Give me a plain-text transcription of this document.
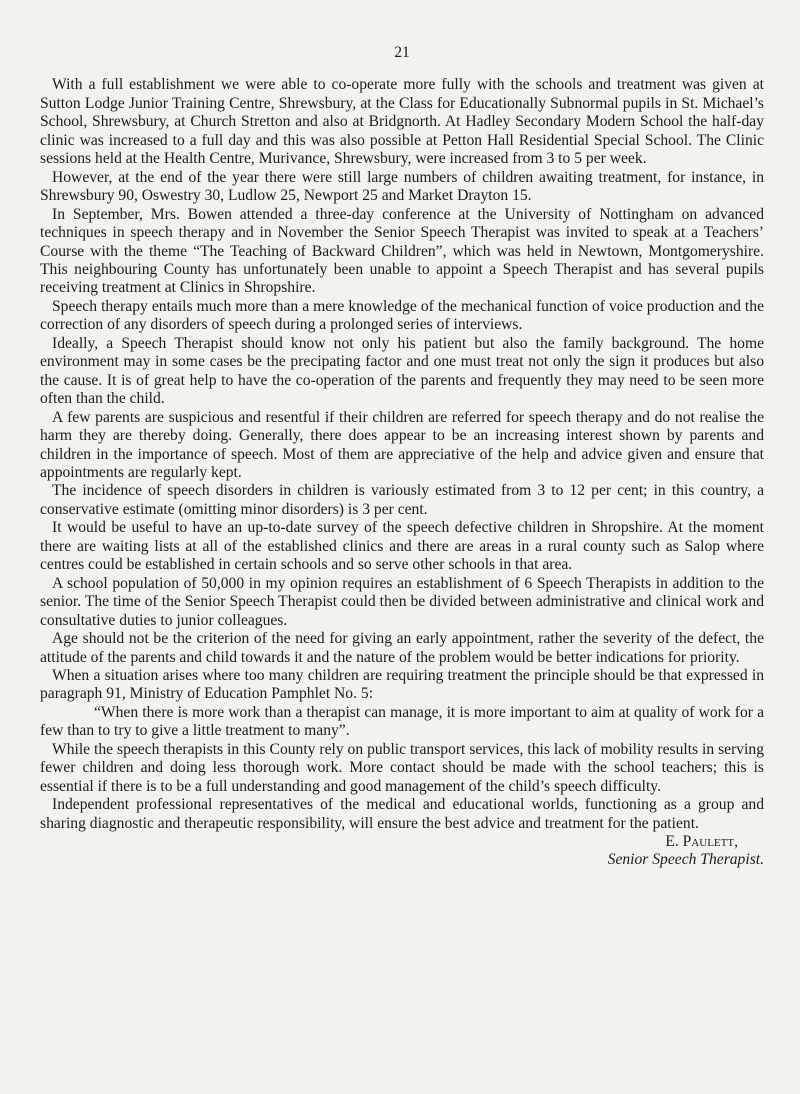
21

With a full establishment we were able to co-operate more fully with the schools and treatment was given at Sutton Lodge Junior Training Centre, Shrewsbury, at the Class for Educationally Subnormal pupils in St. Michael’s School, Shrewsbury, at Church Stretton and also at Bridgnorth. At Hadley Secondary Modern School the half-day clinic was increased to a full day and this was also possible at Petton Hall Residential Special School. The Clinic sessions held at the Health Centre, Murivance, Shrewsbury, were increased from 3 to 5 per week.

However, at the end of the year there were still large numbers of children awaiting treatment, for instance, in Shrewsbury 90, Oswestry 30, Ludlow 25, Newport 25 and Market Drayton 15.

In September, Mrs. Bowen attended a three-day conference at the University of Nottingham on advanced techniques in speech therapy and in November the Senior Speech Therapist was invited to speak at a Teachers’ Course with the theme “The Teaching of Backward Children”, which was held in Newtown, Montgomeryshire. This neighbouring County has unfortunately been unable to appoint a Speech Therapist and has several pupils receiving treatment at Clinics in Shropshire.

Speech therapy entails much more than a mere knowledge of the mechanical function of voice production and the correction of any disorders of speech during a prolonged series of interviews.

Ideally, a Speech Therapist should know not only his patient but also the family background. The home environment may in some cases be the precipating factor and one must treat not only the sign it produces but also the cause. It is of great help to have the co-operation of the parents and frequently they may need to be seen more often than the child.

A few parents are suspicious and resentful if their children are referred for speech therapy and do not realise the harm they are thereby doing. Generally, there does appear to be an increasing interest shown by parents and children in the importance of speech. Most of them are appreciative of the help and advice given and ensure that appointments are regularly kept.

The incidence of speech disorders in children is variously estimated from 3 to 12 per cent; in this country, a conservative estimate (omitting minor disorders) is 3 per cent.

It would be useful to have an up-to-date survey of the speech defective children in Shropshire. At the moment there are waiting lists at all of the established clinics and there are areas in a rural county such as Salop where centres could be established in certain schools and so serve other schools in that area.

A school population of 50,000 in my opinion requires an establishment of 6 Speech Therapists in addition to the senior. The time of the Senior Speech Therapist could then be divided between administrative and clinical work and consultative duties to junior colleagues.

Age should not be the criterion of the need for giving an early appointment, rather the severity of the defect, the attitude of the parents and child towards it and the nature of the problem would be better indications for priority.

When a situation arises where too many children are requiring treatment the principle should be that expressed in paragraph 91, Ministry of Education Pamphlet No. 5:

“When there is more work than a therapist can manage, it is more important to aim at quality of work for a few than to try to give a little treatment to many”.

While the speech therapists in this County rely on public transport services, this lack of mobility results in serving fewer children and doing less thorough work. More contact should be made with the school teachers; this is essential if there is to be a full understanding and good management of the child’s speech difficulty.

Independent professional representatives of the medical and educational worlds, functioning as a group and sharing diagnostic and therapeutic responsibility, will ensure the best advice and treatment for the patient.

E. Paulett,

Senior Speech Therapist.
